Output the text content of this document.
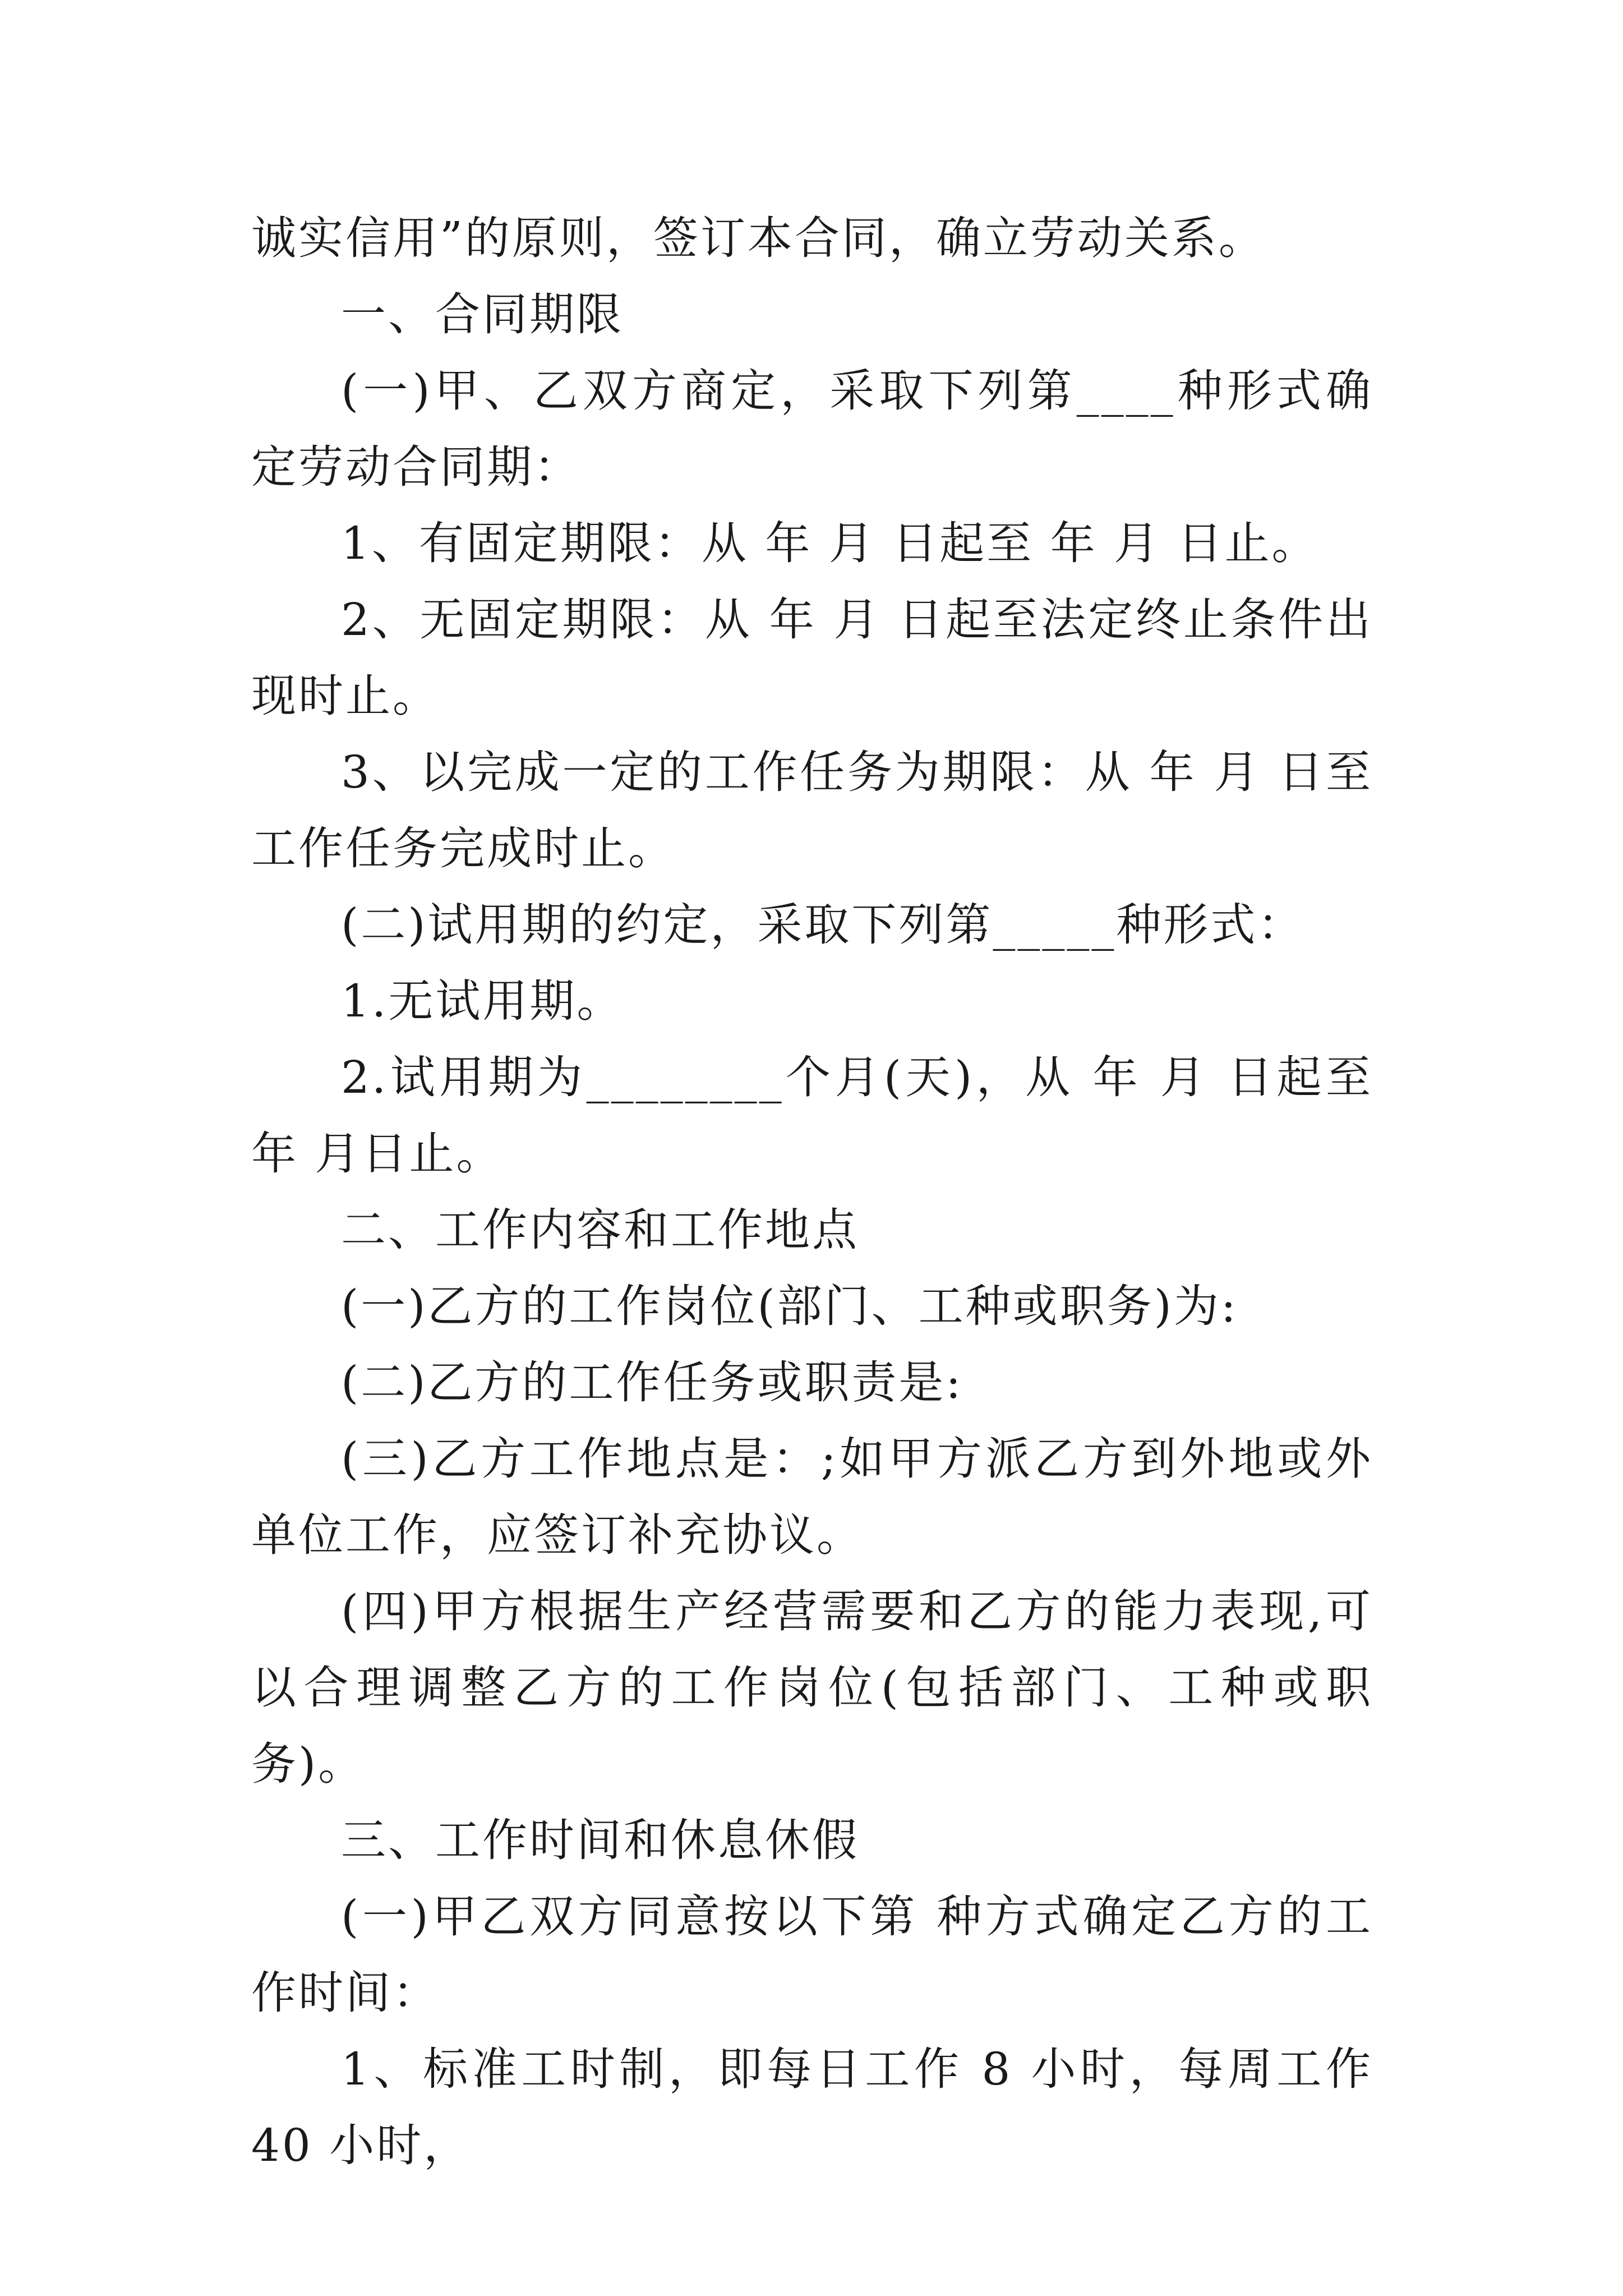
诚实信用”的原则，签订本合同，确立劳动关系。

一、合同期限

(一)甲、乙双方商定，采取下列第____种形式确定劳动合同期：

1、有固定期限：从 年 月 日起至 年 月 日止。

2、无固定期限：从 年 月 日起至法定终止条件出现时止。

3、以完成一定的工作任务为期限：从 年 月 日至 工作任务完成时止。

(二)试用期的约定，采取下列第_____种形式：

1.无试用期。

2.试用期为________个月(天)，从 年 月 日起至 年 月日止。

二、工作内容和工作地点

(一)乙方的工作岗位(部门、工种或职务)为:

(二)乙方的工作任务或职责是:

(三)乙方工作地点是：;如甲方派乙方到外地或外单位工作，应签订补充协议。

(四)甲方根据生产经营需要和乙方的能力表现,可以合理调整乙方的工作岗位(包括部门、工种或职务)。

三、工作时间和休息休假

(一)甲乙双方同意按以下第 种方式确定乙方的工作时间：

1、标准工时制，即每日工作 8 小时，每周工作 40 小时，
